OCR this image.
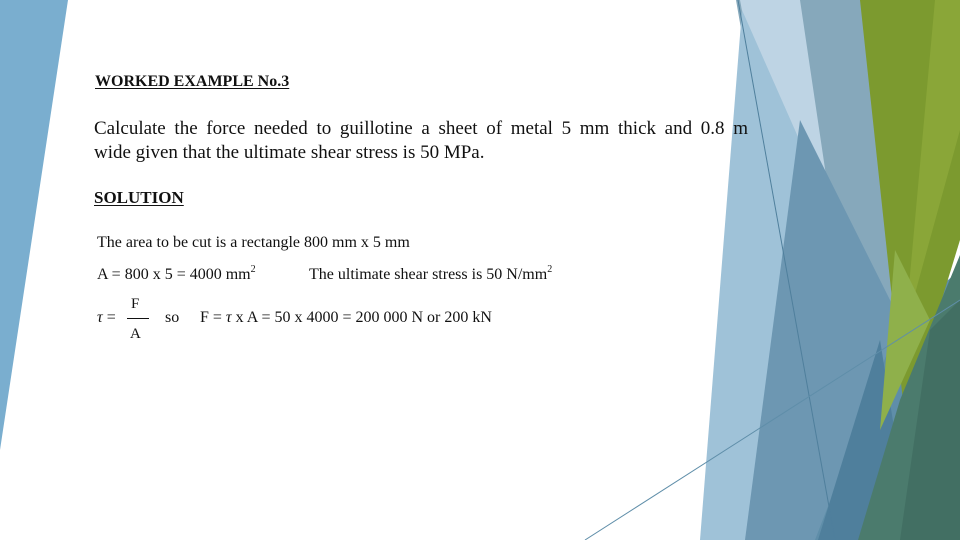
WORKED EXAMPLE No.3
Calculate the force needed to guillotine a sheet of metal 5 mm thick and 0.8 m
wide given that the ultimate shear stress is 50 MPa.
SOLUTION
The area to be cut is a rectangle 800 mm x 5 mm
A = 800 x 5 = 4000 $mm^2$	The ultimate shear stress is 50 $N/mm^2$
τ =
F
A
so F = τ x A = 50 x 4000 = 200 000 N or 200 kN
